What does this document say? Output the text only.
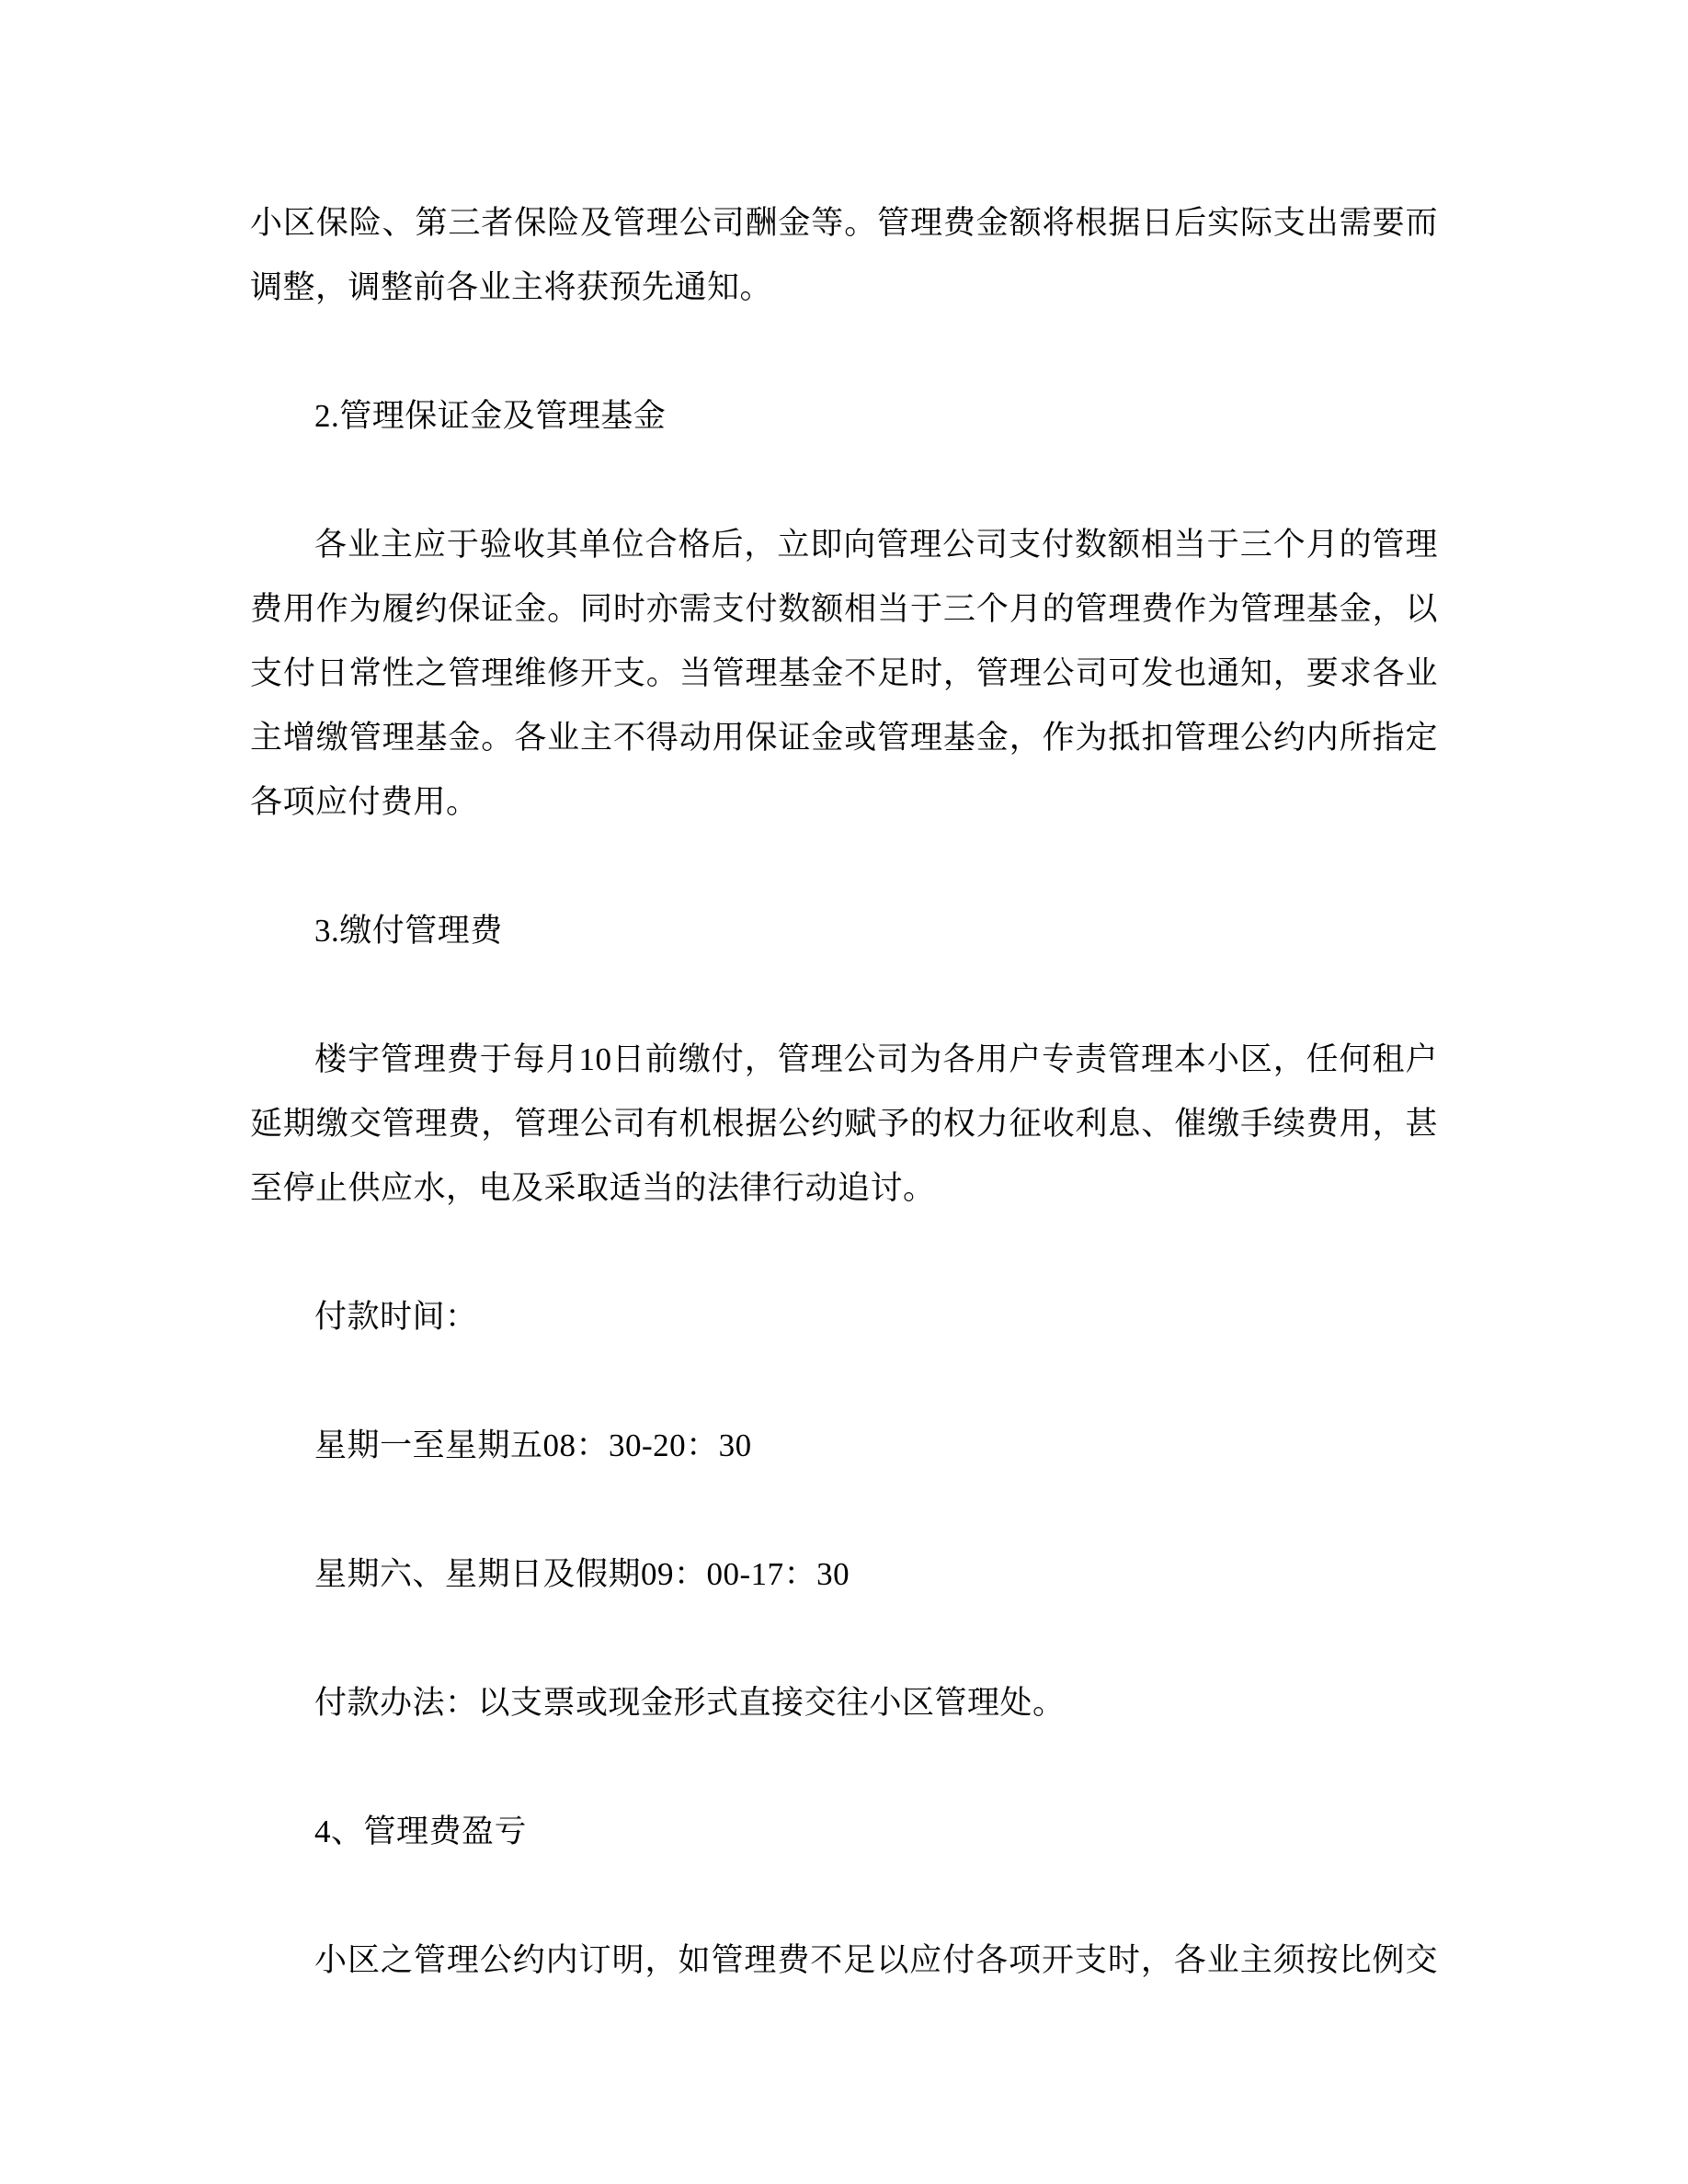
小区保险、第三者保险及管理公司酬金等。管理费金额将根据日后实际支出需要而
调整，调整前各业主将获预先通知。
2.管理保证金及管理基金
各业主应于验收其单位合格后，立即向管理公司支付数额相当于三个月的管理
费用作为履约保证金。同时亦需支付数额相当于三个月的管理费作为管理基金，以
支付日常性之管理维修开支。当管理基金不足时，管理公司可发也通知，要求各业
主增缴管理基金。各业主不得动用保证金或管理基金，作为抵扣管理公约内所指定
各项应付费用。
3.缴付管理费
楼宇管理费于每月10日前缴付，管理公司为各用户专责管理本小区，任何租户
延期缴交管理费，管理公司有机根据公约赋予的权力征收利息、催缴手续费用，甚
至停止供应水，电及采取适当的法律行动追讨。
付款时间：
星期一至星期五08：30-20：30
星期六、星期日及假期09：00-17：30
付款办法：以支票或现金形式直接交往小区管理处。
4、管理费盈亏
小区之管理公约内订明，如管理费不足以应付各项开支时，各业主须按比例交
